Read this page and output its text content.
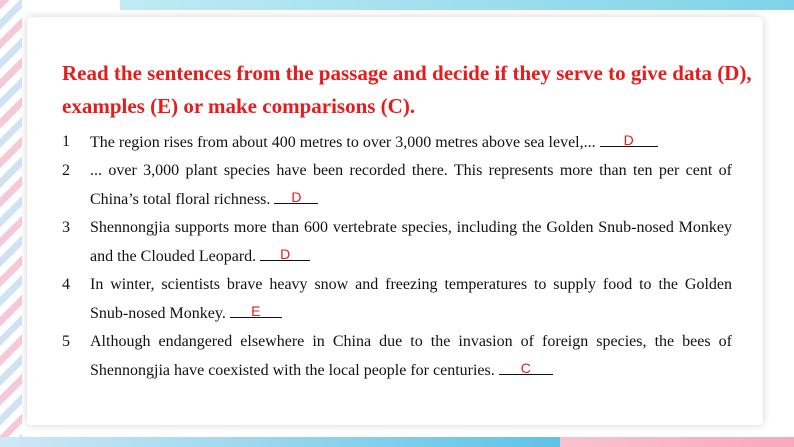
Read the sentences from the passage and decide if they serve to give data (D), examples (E) or make comparisons (C).
1 The region rises from about 400 metres to over 3,000 metres above sea level,...	D
2 ... over 3,000 plant species have been recorded there. This represents more than ten per cent of China’s total floral richness.	D
3 Shennongjia supports more than 600 vertebrate species, including the Golden Snub-nosed Monkey and the Clouded Leopard.	D
4 In winter, scientists brave heavy snow and freezing temperatures to supply food to the Golden Snub-nosed Monkey.	E
5 Although endangered elsewhere in China due to the invasion of foreign species, the bees of Shennongjia have coexisted with the local people for centuries.	C
